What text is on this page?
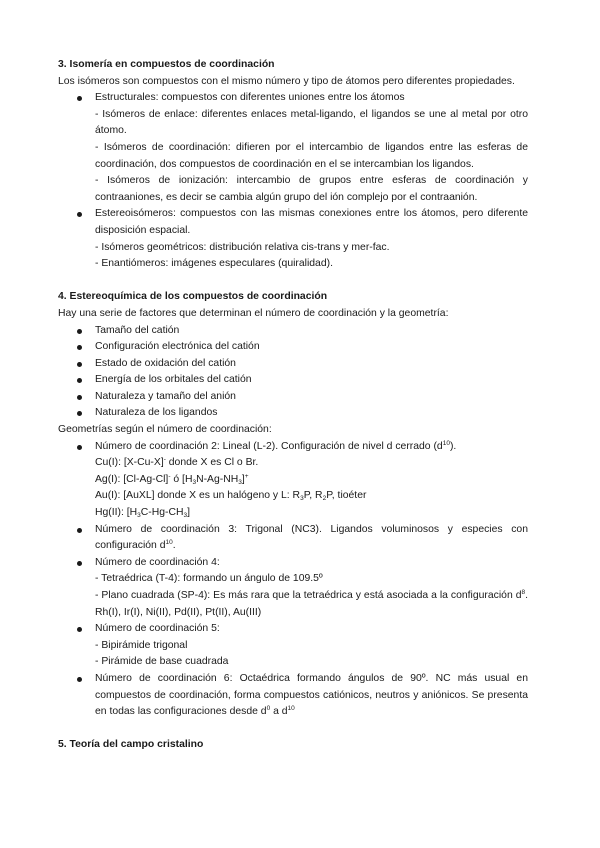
3. Isomería en compuestos de coordinación

Los isómeros son compuestos con el mismo número y tipo de átomos pero diferentes propiedades.

Estructurales: compuestos con diferentes uniones entre los átomos
- Isómeros de enlace: diferentes enlaces metal-ligando, el ligandos se une al metal por otro átomo.
- Isómeros de coordinación: difieren por el intercambio de ligandos entre las esferas de coordinación, dos compuestos de coordinación en el se intercambian los ligandos.
- Isómeros de ionización: intercambio de grupos entre esferas de coordinación y contraaniones, es decir se cambia algún grupo del ión complejo por el contraanión.
Estereoisómeros: compuestos con las mismas conexiones entre los átomos, pero diferente disposición espacial.
- Isómeros geométricos: distribución relativa cis-trans y mer-fac.
- Enantiómeros: imágenes especulares (quiralidad).

4. Estereoquímica de los compuestos de coordinación

Hay una serie de factores que determinan el número de coordinación y la geometría:

Tamaño del catión
Configuración electrónica del catión
Estado de oxidación del catión
Energía de los orbitales del catión
Naturaleza y tamaño del anión
Naturaleza de los ligandos

Geometrías según el número de coordinación:

Número de coordinación 2: Lineal (L-2). Configuración de nivel d cerrado $(d^{10})$.
Cu(I): [X-Cu-X]- donde X es Cl o Br.
Ag(I): [Cl-Ag-Cl]- ó $[H_3N-Ag-NH_3]^+$
Au(I): [AuXL] donde X es un halógeno y L: $R_3P$, $R_2P$, tioéter
Hg(II): $[H_3C-Hg-CH_3]$
Número de coordinación 3: Trigonal (NC3). Ligandos voluminosos y especies con configuración $d^{10}$.
Número de coordinación 4:
- Tetraédrica (T-4): formando un ángulo de 109.5º
- Plano cuadrada (SP-4): Es más rara que la tetraédrica y está asociada a la configuración $d^8$. Rh(I), Ir(I), Ni(II), Pd(II), Pt(II), Au(III)
Número de coordinación 5:
- Bipirámide trigonal
- Pirámide de base cuadrada
Número de coordinación 6: Octaédrica formando ángulos de 90º. NC más usual en compuestos de coordinación, forma compuestos catiónicos, neutros y aniónicos. Se presenta en todas las configuraciones desde $d^0$ a $d^{10}$

5. Teoría del campo cristalino
